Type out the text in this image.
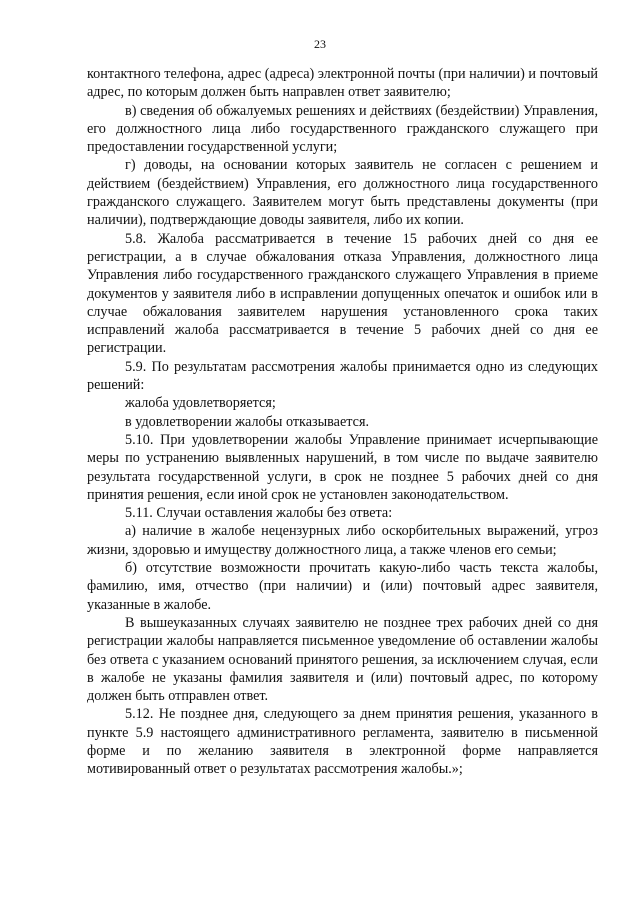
23

контактного телефона, адрес (адреса) электронной почты (при наличии) и почтовый адрес, по которым должен быть направлен ответ заявителю;

в) сведения об обжалуемых решениях и действиях (бездействии) Управления, его должностного лица либо государственного гражданского служащего при предоставлении государственной услуги;

г) доводы, на основании которых заявитель не согласен с решением и действием (бездействием) Управления, его должностного лица государственного гражданского служащего. Заявителем могут быть представлены документы (при наличии), подтверждающие доводы заявителя, либо их копии.

5.8. Жалоба рассматривается в течение 15 рабочих дней со дня ее регистрации, а в случае обжалования отказа Управления, должностного лица Управления либо государственного гражданского служащего Управления в приеме документов у заявителя либо в исправлении допущенных опечаток и ошибок или в случае обжалования заявителем нарушения установленного срока таких исправлений жалоба рассматривается в течение 5 рабочих дней со дня ее регистрации.

5.9. По результатам рассмотрения жалобы принимается одно из следующих решений:

жалоба удовлетворяется;

в удовлетворении жалобы отказывается.

5.10. При удовлетворении жалобы Управление принимает исчерпывающие меры по устранению выявленных нарушений, в том числе по выдаче заявителю результата государственной услуги, в срок не позднее 5 рабочих дней со дня принятия решения, если иной срок не установлен законодательством.

5.11. Случаи оставления жалобы без ответа:

а) наличие в жалобе нецензурных либо оскорбительных выражений, угроз жизни, здоровью и имуществу должностного лица, а также членов его семьи;

б) отсутствие возможности прочитать какую-либо часть текста жалобы, фамилию, имя, отчество (при наличии) и (или) почтовый адрес заявителя, указанные в жалобе.

В вышеуказанных случаях заявителю не позднее трех рабочих дней со дня регистрации жалобы направляется письменное уведомление об оставлении жалобы без ответа с указанием оснований принятого решения, за исключением случая, если в жалобе не указаны фамилия заявителя и (или) почтовый адрес, по которому должен быть отправлен ответ.

5.12. Не позднее дня, следующего за днем принятия решения, указанного в пункте 5.9 настоящего административного регламента, заявителю в письменной форме и по желанию заявителя в электронной форме направляется мотивированный ответ о результатах рассмотрения жалобы.»;
